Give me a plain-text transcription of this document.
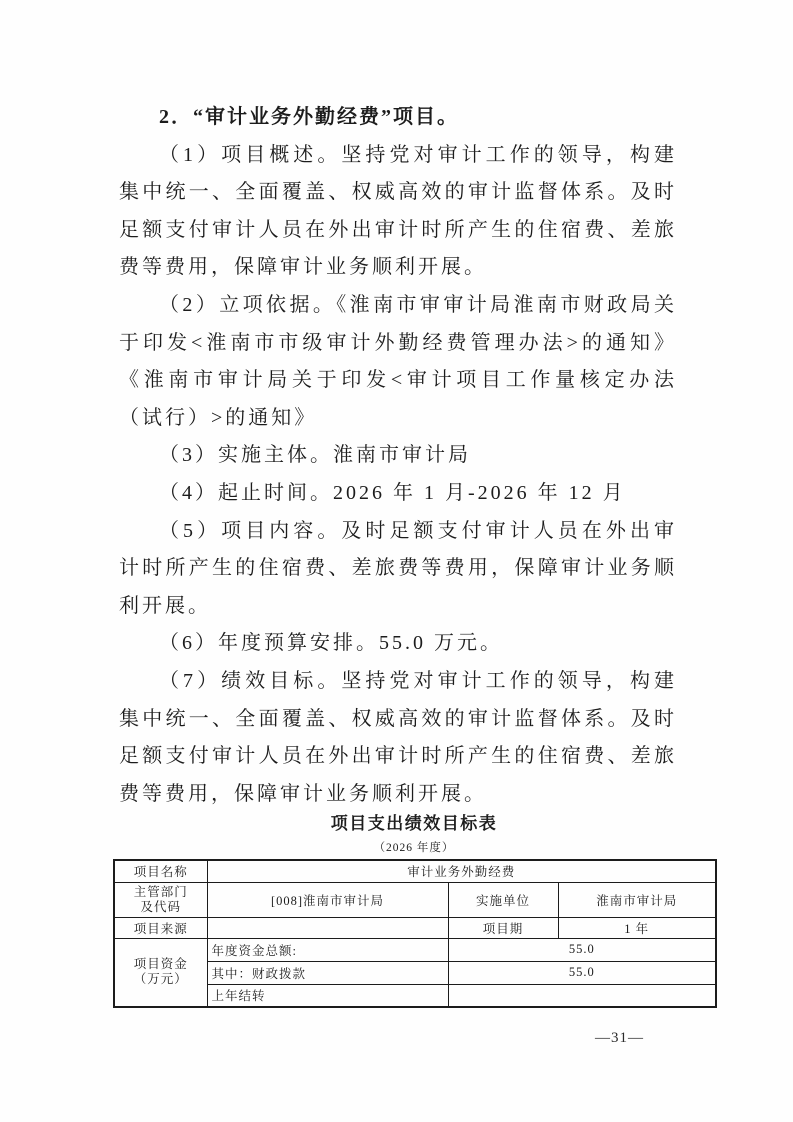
2．“审计业务外勤经费”项目。

（1）项目概述。坚持党对审计工作的领导，构建集中统一、全面覆盖、权威高效的审计监督体系。及时足额支付审计人员在外出审计时所产生的住宿费、差旅费等费用，保障审计业务顺利开展。

（2）立项依据。《淮南市审审计局淮南市财政局关于印发<淮南市市级审计外勤经费管理办法>的通知》 《淮南市审计局关于印发<审计项目工作量核定办法（试行）>的通知》

（3）实施主体。淮南市审计局

（4）起止时间。2026 年 1 月-2026 年 12 月

（5）项目内容。及时足额支付审计人员在外出审计时所产生的住宿费、差旅费等费用，保障审计业务顺利开展。

（6）年度预算安排。55.0 万元。

（7）绩效目标。坚持党对审计工作的领导，构建集中统一、全面覆盖、权威高效的审计监督体系。及时足额支付审计人员在外出审计时所产生的住宿费、差旅费等费用，保障审计业务顺利开展。

项目支出绩效目标表
（2026 年度）
项目名称	审计业务外勤经费		

主管部门
及代码	[008]淮南市审计局	实施单位	淮南市审计局
项目来源		项目期	1 年

项目资金
（万元）	年度资金总额:	55.0	
	其中：财政拨款	55.0	
	上年结转		
—31—
